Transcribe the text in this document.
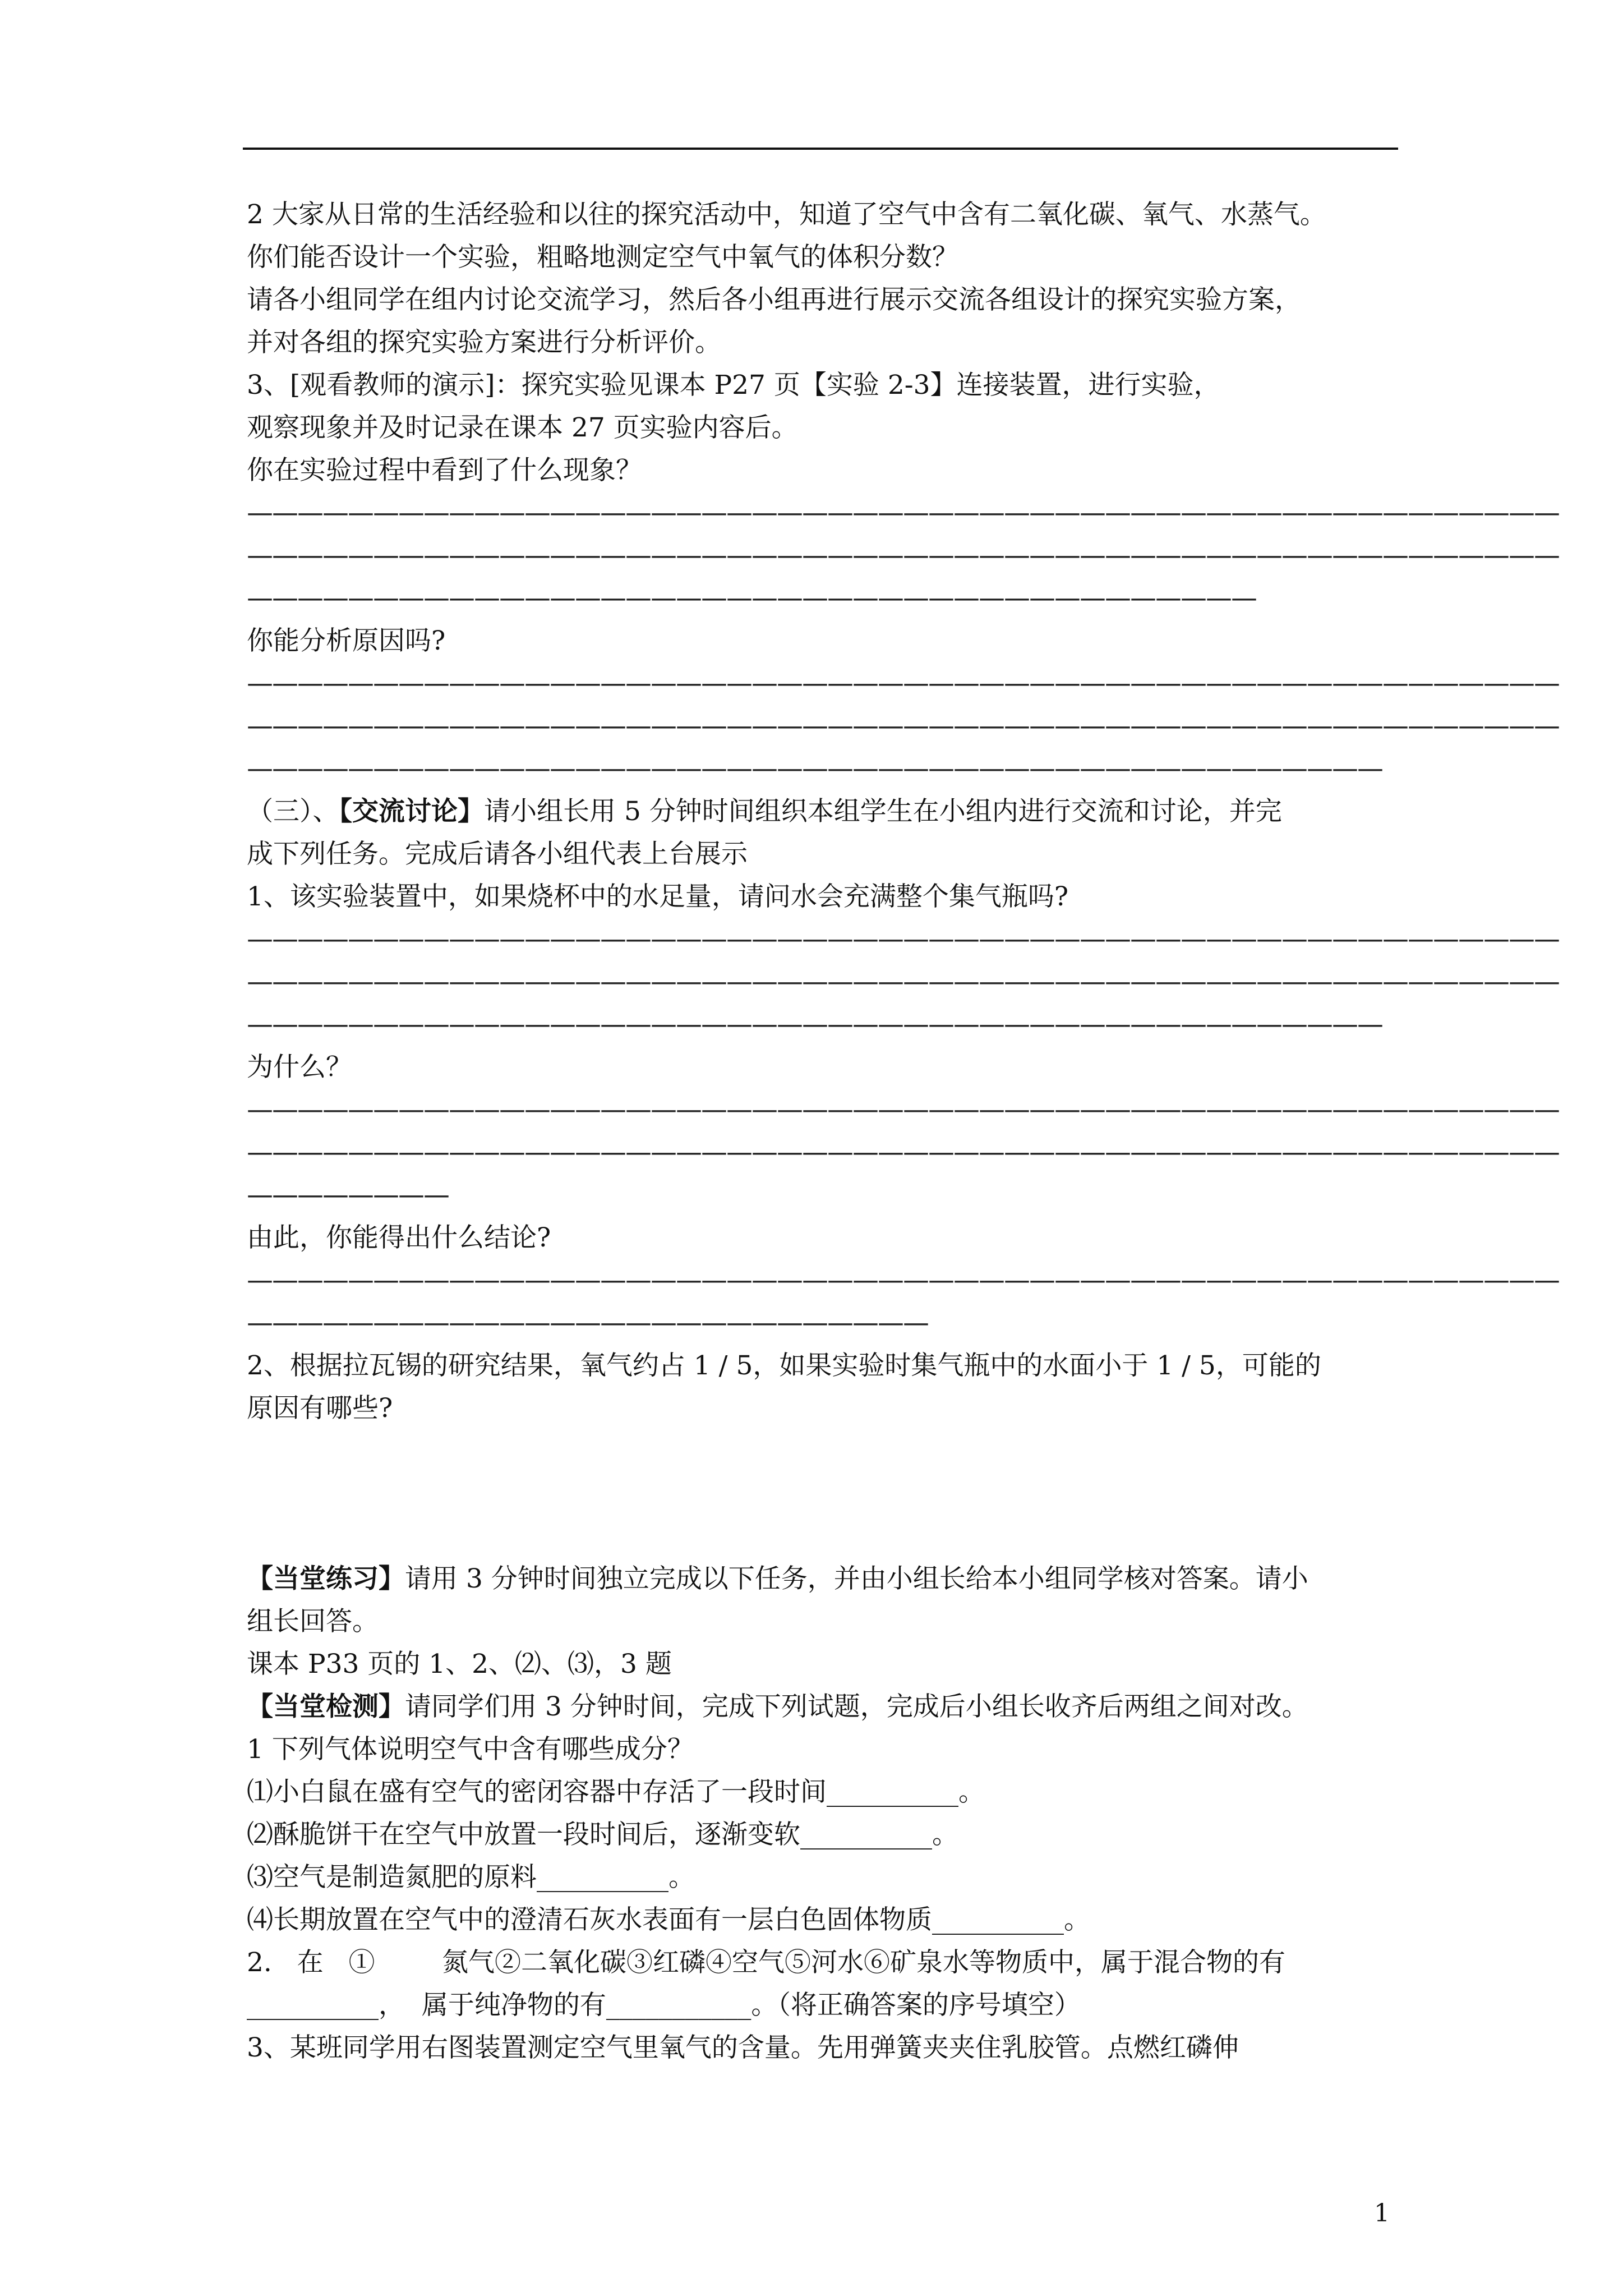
2 大家从日常的生活经验和以往的探究活动中，知道了空气中含有二氧化碳、氧气、水蒸气。
你们能否设计一个实验，粗略地测定空气中氧气的体积分数？
请各小组同学在组内讨论交流学习，然后各小组再进行展示交流各组设计的探究实验方案，
并对各组的探究实验方案进行分析评价。
3、[观看教师的演示]：探究实验见课本 P27 页【实验 2-3】连接装置，进行实验，
观察现象并及时记录在课本 27 页实验内容后。
你在实验过程中看到了什么现象？
————————————————————————————————————————————————————
————————————————————————————————————————————————————
————————————————————————————————————————
你能分析原因吗?
————————————————————————————————————————————————————
————————————————————————————————————————————————————
—————————————————————————————————————————————
（三）、【交流讨论】请小组长用 5 分钟时间组织本组学生在小组内进行交流和讨论，并完
成下列任务。完成后请各小组代表上台展示
1、该实验装置中，如果烧杯中的水足量，请问水会充满整个集气瓶吗?
————————————————————————————————————————————————————
————————————————————————————————————————————————————
—————————————————————————————————————————————
为什么？
————————————————————————————————————————————————————
————————————————————————————————————————————————————
————————
由此，你能得出什么结论?
————————————————————————————————————————————————————
———————————————————————————
2、根据拉瓦锡的研究结果，氧气约占 1 / 5，如果实验时集气瓶中的水面小于 1 / 5，可能的
原因有哪些?
【当堂练习】请用 3 分钟时间独立完成以下任务，并由小组长给本小组同学核对答案。请小
组长回答。
课本 P33 页的 1、2、⑵、⑶，3 题
【当堂检测】请同学们用 3 分钟时间，完成下列试题，完成后小组长收齐后两组之间对改。
1 下列气体说明空气中含有哪些成分？
⑴小白鼠在盛有空气的密闭容器中存活了一段时间__________。
⑵酥脆饼干在空气中放置一段时间后，逐渐变软__________。
⑶空气是制造氮肥的原料__________。
⑷长期放置在空气中的澄清石灰水表面有一层白色固体物质__________。
2.   在   ①        氮气②二氧化碳③红磷④空气⑤河水⑥矿泉水等物质中，属于混合物的有
__________，  属于纯净物的有___________。（将正确答案的序号填空）
3、某班同学用右图装置测定空气里氧气的含量。先用弹簧夹夹住乳胶管。点燃红磷伸
1
